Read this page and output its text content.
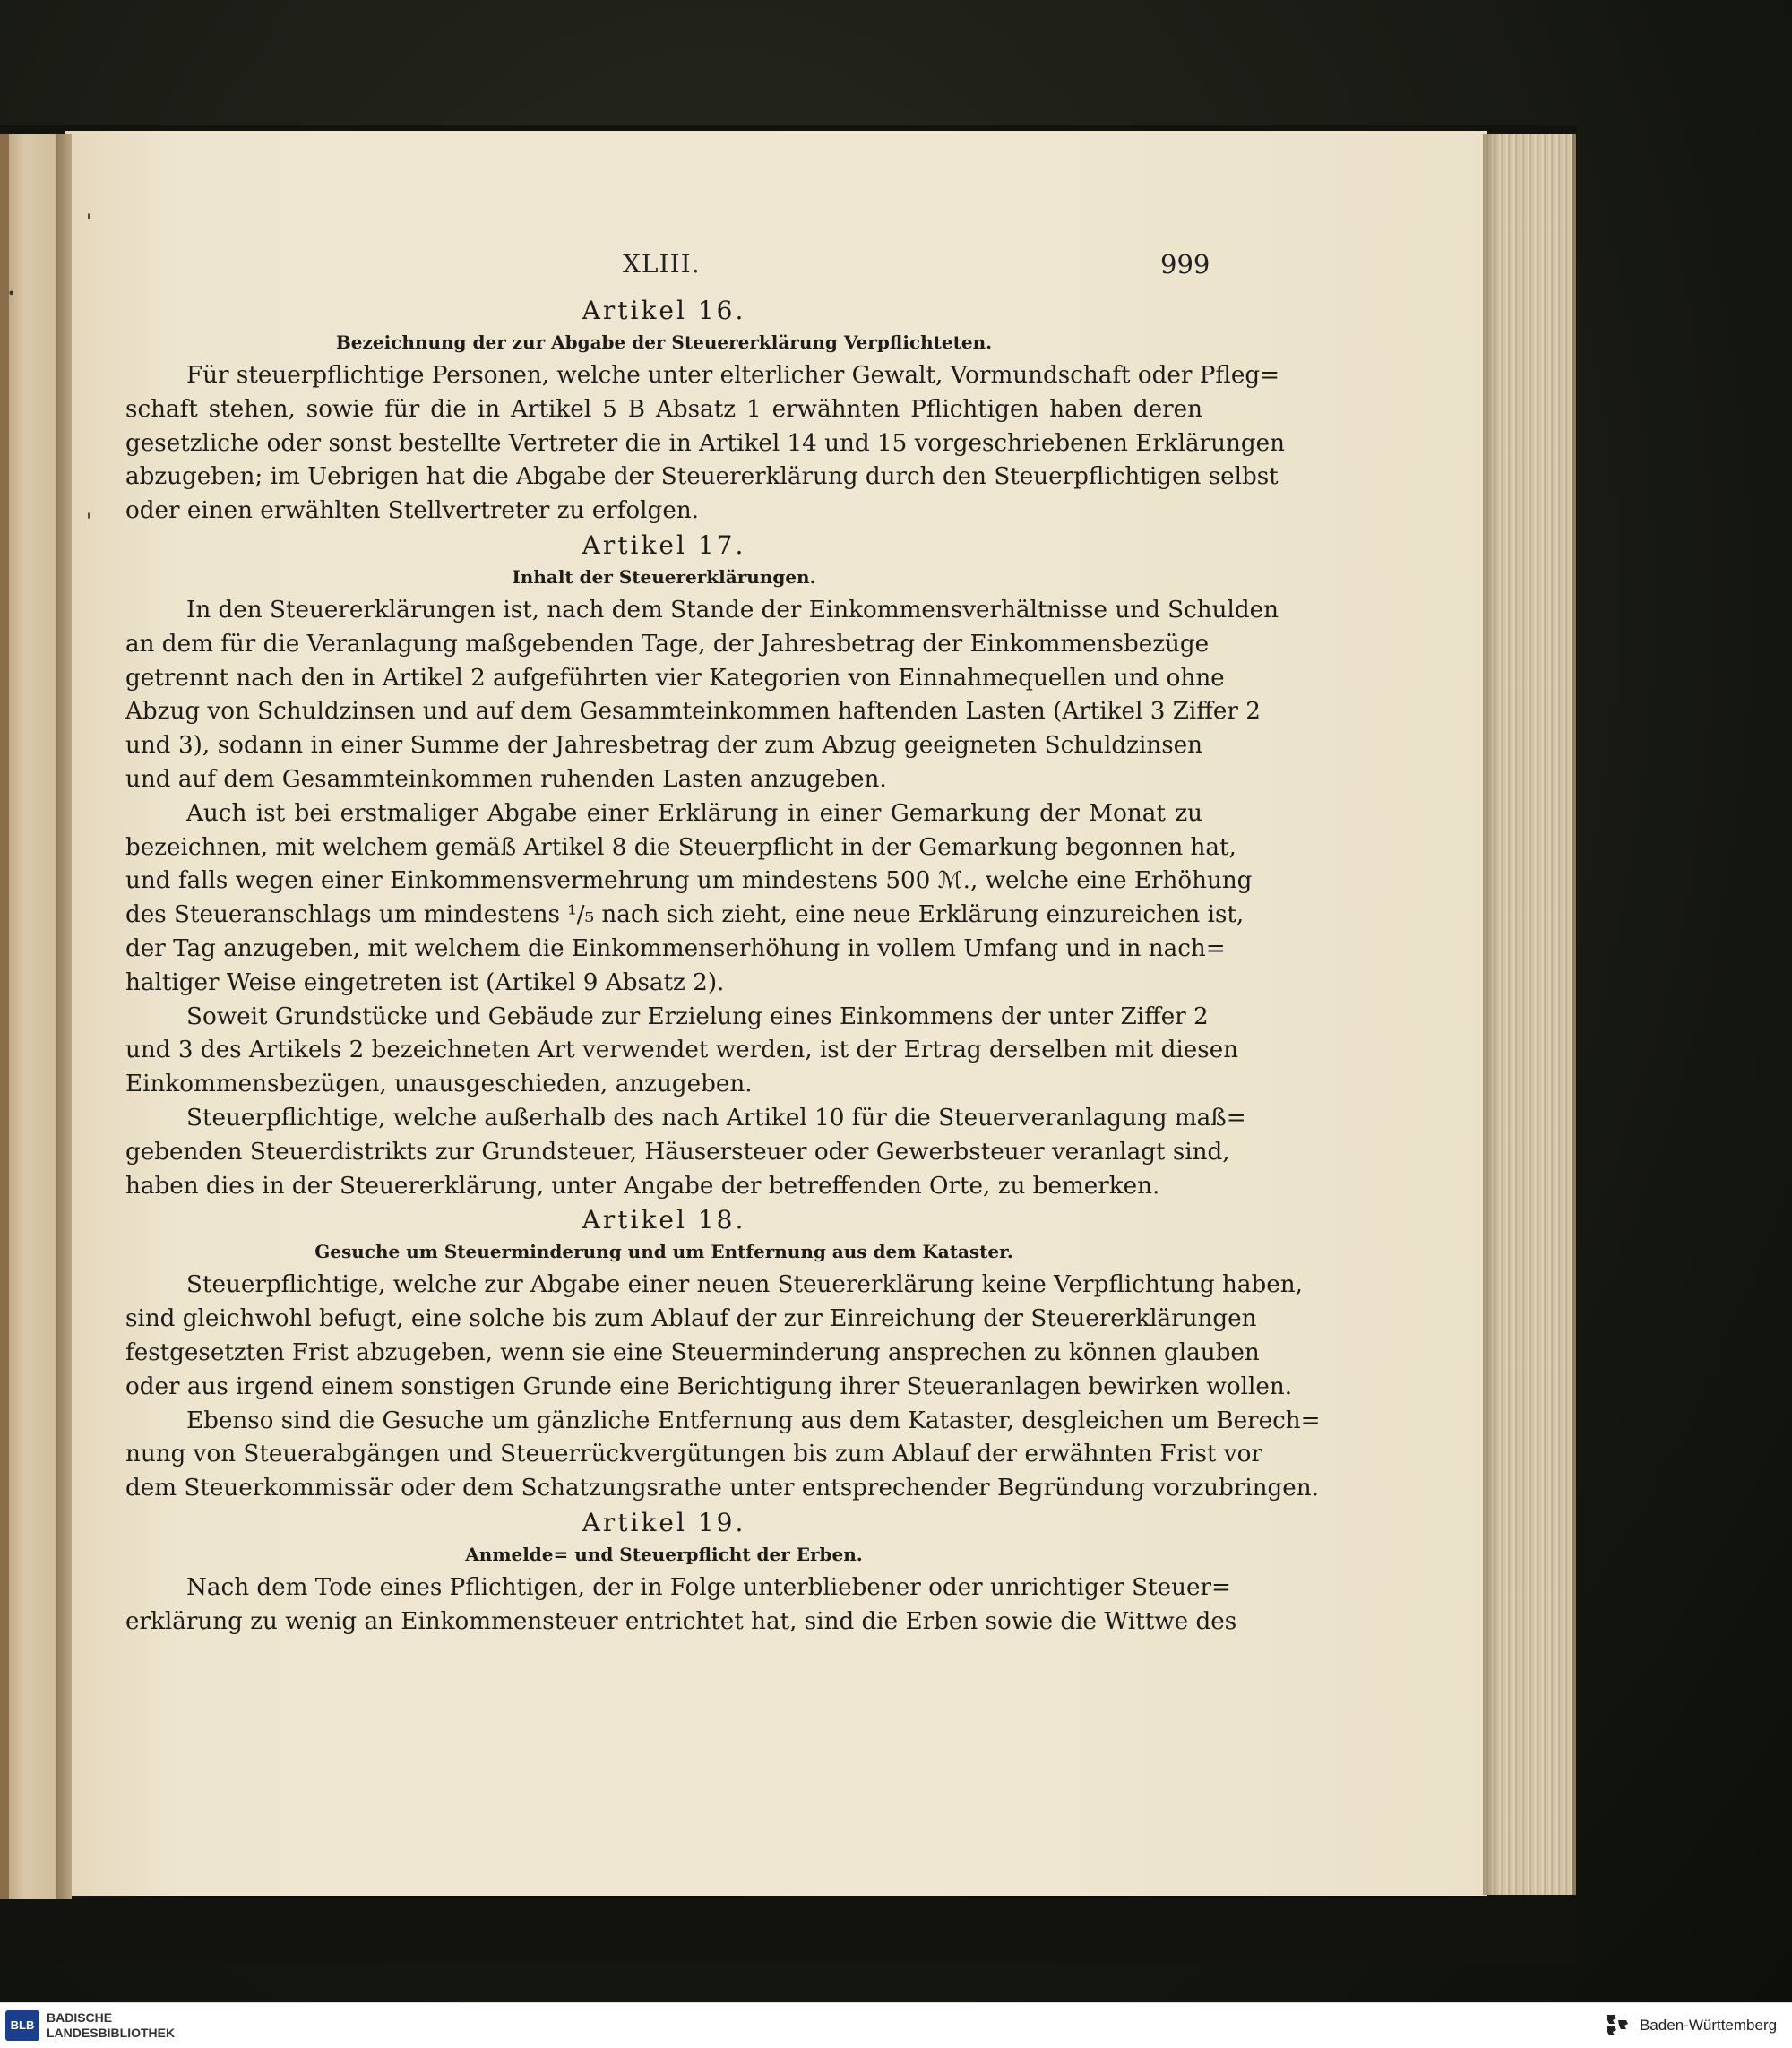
'
'
•
XLIII.	999
Artikel 16.
Bezeichnung der zur Abgabe der Steuererklärung Verpflichteten.
Für steuerpflichtige Personen, welche unter elterlicher Gewalt, Vormundschaft oder Pfleg=
schaft stehen, sowie für die in Artikel 5 B Absatz 1 erwähnten Pflichtigen haben deren
gesetzliche oder sonst bestellte Vertreter die in Artikel 14 und 15 vorgeschriebenen Erklärungen
abzugeben; im Uebrigen hat die Abgabe der Steuererklärung durch den Steuerpflichtigen selbst
oder einen erwählten Stellvertreter zu erfolgen.
Artikel 17.
Inhalt der Steuererklärungen.
In den Steuererklärungen ist, nach dem Stande der Einkommensverhältnisse und Schulden
an dem für die Veranlagung maßgebenden Tage, der Jahresbetrag der Einkommensbezüge
getrennt nach den in Artikel 2 aufgeführten vier Kategorien von Einnahmequellen und ohne
Abzug von Schuldzinsen und auf dem Gesammteinkommen haftenden Lasten (Artikel 3 Ziffer 2
und 3), sodann in einer Summe der Jahresbetrag der zum Abzug geeigneten Schuldzinsen
und auf dem Gesammteinkommen ruhenden Lasten anzugeben.
Auch ist bei erstmaliger Abgabe einer Erklärung in einer Gemarkung der Monat zu
bezeichnen, mit welchem gemäß Artikel 8 die Steuerpflicht in der Gemarkung begonnen hat,
und falls wegen einer Einkommensvermehrung um mindestens 500 ℳ., welche eine Erhöhung
des Steueranschlags um mindestens ¹/₅ nach sich zieht, eine neue Erklärung einzureichen ist,
der Tag anzugeben, mit welchem die Einkommenserhöhung in vollem Umfang und in nach=
haltiger Weise eingetreten ist (Artikel 9 Absatz 2).
Soweit Grundstücke und Gebäude zur Erzielung eines Einkommens der unter Ziffer 2
und 3 des Artikels 2 bezeichneten Art verwendet werden, ist der Ertrag derselben mit diesen
Einkommensbezügen, unausgeschieden, anzugeben.
Steuerpflichtige, welche außerhalb des nach Artikel 10 für die Steuerveranlagung maß=
gebenden Steuerdistrikts zur Grundsteuer, Häusersteuer oder Gewerbsteuer veranlagt sind,
haben dies in der Steuererklärung, unter Angabe der betreffenden Orte, zu bemerken.
Artikel 18.
Gesuche um Steuerminderung und um Entfernung aus dem Kataster.
Steuerpflichtige, welche zur Abgabe einer neuen Steuererklärung keine Verpflichtung haben,
sind gleichwohl befugt, eine solche bis zum Ablauf der zur Einreichung der Steuererklärungen
festgesetzten Frist abzugeben, wenn sie eine Steuerminderung ansprechen zu können glauben
oder aus irgend einem sonstigen Grunde eine Berichtigung ihrer Steueranlagen bewirken wollen.
Ebenso sind die Gesuche um gänzliche Entfernung aus dem Kataster, desgleichen um Berech=
nung von Steuerabgängen und Steuerrückvergütungen bis zum Ablauf der erwähnten Frist vor
dem Steuerkommissär oder dem Schatzungsrathe unter entsprechender Begründung vorzubringen.
Artikel 19.
Anmelde= und Steuerpflicht der Erben.
Nach dem Tode eines Pflichtigen, der in Folge unterbliebener oder unrichtiger Steuer=
erklärung zu wenig an Einkommensteuer entrichtet hat, sind die Erben sowie die Wittwe des
BLB
BADISCHE
LANDESBIBLIOTHEK	Baden-Württemberg
